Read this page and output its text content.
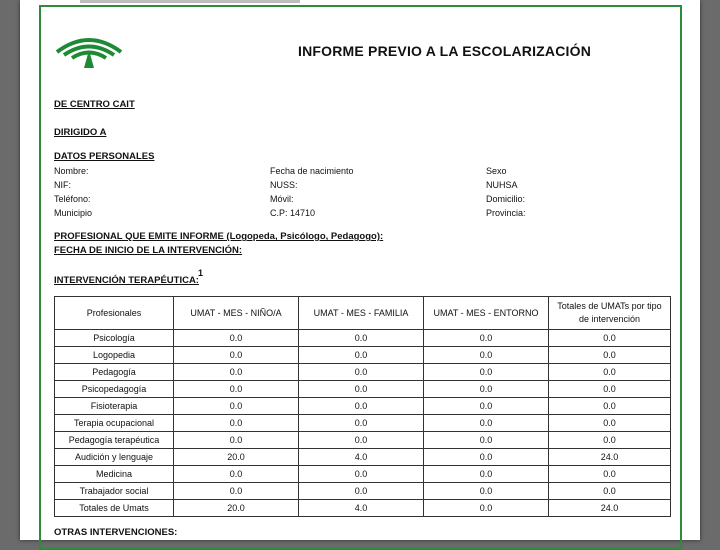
INFORME PREVIO A LA ESCOLARIZACIÓN
DE CENTRO CAIT
DIRIGIDO A
DATOS PERSONALES
Nombre:	Fecha de nacimiento	Sexo
NIF:	NUSS:	NUHSA
Teléfono:	Móvil:	Domicilio:
Municipio	C.P: 14710	Provincia:
PROFESIONAL QUE EMITE INFORME (Logopeda, Psicólogo, Pedagogo):
FECHA DE INICIO DE LA INTERVENCIÓN:
INTERVENCIÓN TERAPÉUTICA:
1
Profesionales	UMAT - MES - NIÑO/A	UMAT - MES - FAMILIA	UMAT - MES - ENTORNO	Totales de UMATs por tipo de intervención
Psicología	0.0	0.0	0.0	0.0
Logopedia	0.0	0.0	0.0	0.0
Pedagogía	0.0	0.0	0.0	0.0
Psicopedagogía	0.0	0.0	0.0	0.0
Fisioterapia	0.0	0.0	0.0	0.0
Terapia ocupacional	0.0	0.0	0.0	0.0
Pedagogía terapéutica	0.0	0.0	0.0	0.0
Audición y lenguaje	20.0	4.0	0.0	24.0
Medicina	0.0	0.0	0.0	0.0
Trabajador social	0.0	0.0	0.0	0.0
Totales de Umats	20.0	4.0	0.0	24.0
OTRAS INTERVENCIONES:
